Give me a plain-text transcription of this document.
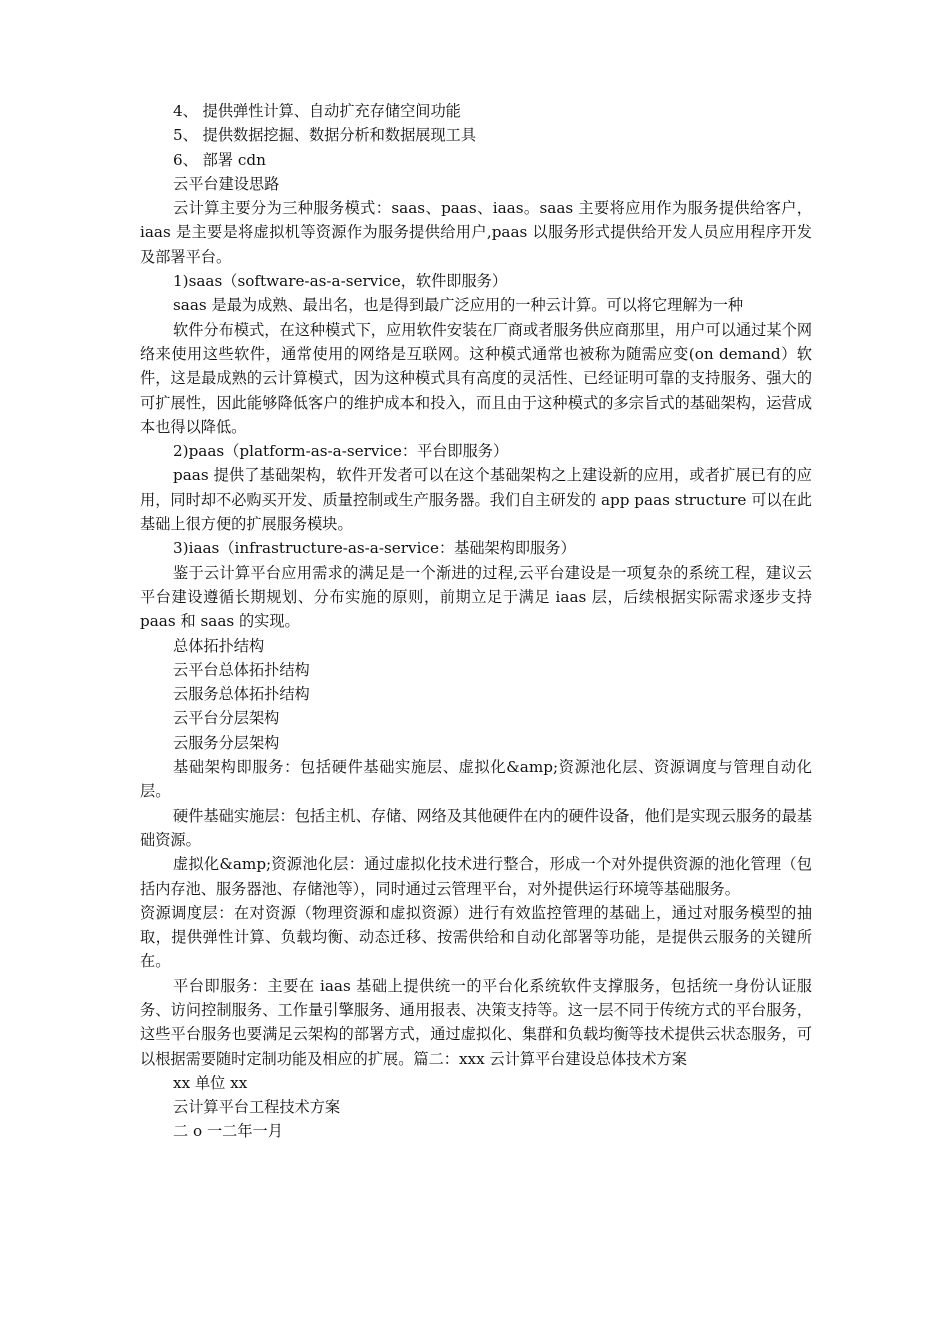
4、 提供弹性计算、自动扩充存储空间功能

5、 提供数据挖掘、数据分析和数据展现工具

6、 部署 cdn

云平台建设思路

云计算主要分为三种服务模式：saas、paas、iaas。saas 主要将应用作为服务提供给客户，iaas 是主要是将虚拟机等资源作为服务提供给用户,paas 以服务形式提供给开发人员应用程序开发及部署平台。

1)saas（software-as-a-service，软件即服务）

saas 是最为成熟、最出名，也是得到最广泛应用的一种云计算。可以将它理解为一种

软件分布模式，在这种模式下，应用软件安装在厂商或者服务供应商那里，用户可以通过某个网络来使用这些软件，通常使用的网络是互联网。这种模式通常也被称为随需应变(on demand）软件，这是最成熟的云计算模式，因为这种模式具有高度的灵活性、已经证明可靠的支持服务、强大的可扩展性，因此能够降低客户的维护成本和投入，而且由于这种模式的多宗旨式的基础架构，运营成本也得以降低。

2)paas（platform-as-a-service：平台即服务）

paas 提供了基础架构，软件开发者可以在这个基础架构之上建设新的应用，或者扩展已有的应用，同时却不必购买开发、质量控制或生产服务器。我们自主研发的 app paas structure 可以在此基础上很方便的扩展服务模块。

3)iaas（infrastructure-as-a-service：基础架构即服务）

鉴于云计算平台应用需求的满足是一个渐进的过程,云平台建设是一项复杂的系统工程，建议云平台建设遵循长期规划、分布实施的原则，前期立足于满足 iaas 层，后续根据实际需求逐步支持 paas 和 saas 的实现。

总体拓扑结构

云平台总体拓扑结构

云服务总体拓扑结构

云平台分层架构

云服务分层架构

基础架构即服务：包括硬件基础实施层、虚拟化&amp;资源池化层、资源调度与管理自动化层。

硬件基础实施层：包括主机、存储、网络及其他硬件在内的硬件设备，他们是实现云服务的最基础资源。

虚拟化&amp;资源池化层：通过虚拟化技术进行整合，形成一个对外提供资源的池化管理（包括内存池、服务器池、存储池等），同时通过云管理平台，对外提供运行环境等基础服务。

资源调度层：在对资源（物理资源和虚拟资源）进行有效监控管理的基础上，通过对服务模型的抽取，提供弹性计算、负载均衡、动态迁移、按需供给和自动化部署等功能，是提供云服务的关键所在。

平台即服务：主要在 iaas 基础上提供统一的平台化系统软件支撑服务，包括统一身份认证服务、访问控制服务、工作量引擎服务、通用报表、决策支持等。这一层不同于传统方式的平台服务，这些平台服务也要满足云架构的部署方式，通过虚拟化、集群和负载均衡等技术提供云状态服务，可以根据需要随时定制功能及相应的扩展。篇二：xxx 云计算平台建设总体技术方案

xx 单位 xx

云计算平台工程技术方案

二 o 一二年一月
